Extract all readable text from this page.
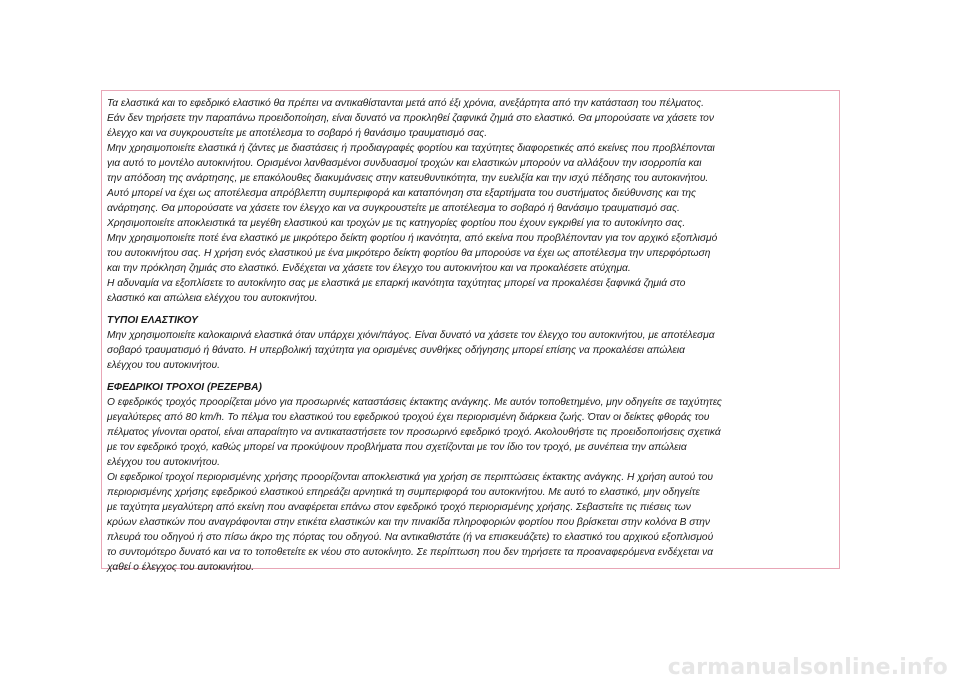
Τα ελαστικά και το εφεδρικό ελαστικό θα πρέπει να αντικαθίστανται μετά από έξι χρόνια, ανεξάρτητα από την κατάσταση του πέλματος.
Εάν δεν τηρήσετε την παραπάνω προειδοποίηση, είναι δυνατό να προκληθεί ζαφνικά ζημιά στο ελαστικό. Θα μπορούσατε να χάσετε τον
έλεγχο και να συγκρουστείτε με αποτέλεσμα το σοβαρό ή θανάσιμο τραυματισμό σας.
Μην χρησιμοποιείτε ελαστικά ή ζάντες με διαστάσεις ή προδιαγραφές φορτίου και ταχύτητες διαφορετικές από εκείνες που προβλέπονται
για αυτό το μοντέλο αυτοκινήτου. Ορισμένοι λανθασμένοι συνδυασμοί τροχών και ελαστικών μπορούν να αλλάξουν την ισορροπία και
την απόδοση της ανάρτησης, με επακόλουθες διακυμάνσεις στην κατευθυντικότητα, την ευελιξία και την ισχύ πέδησης του αυτοκινήτου.
Αυτό μπορεί να έχει ως αποτέλεσμα απρόβλεπτη συμπεριφορά και καταπόνηση στα εξαρτήματα του συστήματος διεύθυνσης και της
ανάρτησης. Θα μπορούσατε να χάσετε τον έλεγχο και να συγκρουστείτε με αποτέλεσμα το σοβαρό ή θανάσιμο τραυματισμό σας.
Χρησιμοποιείτε αποκλειστικά τα μεγέθη ελαστικού και τροχών με τις κατηγορίες φορτίου που έχουν εγκριθεί για το αυτοκίνητο σας.
Μην χρησιμοποιείτε ποτέ ένα ελαστικό με μικρότερο δείκτη φορτίου ή ικανότητα, από εκείνα που προβλέπονταν για τον αρχικό εξοπλισμό
του αυτοκινήτου σας. Η χρήση ενός ελαστικού με ένα μικρότερο δείκτη φορτίου θα μπορούσε να έχει ως αποτέλεσμα την υπερφόρτωση
και την πρόκληση ζημιάς στο ελαστικό. Ενδέχεται να χάσετε τον έλεγχο του αυτοκινήτου και να προκαλέσετε ατύχημα.
Η αδυναμία να εξοπλίσετε το αυτοκίνητο σας με ελαστικά με επαρκή ικανότητα ταχύτητας μπορεί να προκαλέσει ξαφνικά ζημιά στο
ελαστικό και απώλεια ελέγχου του αυτοκινήτου.
ΤΥΠΟΙ ΕΛΑΣΤΙΚΟΥ
Μην χρησιμοποιείτε καλοκαιρινά ελαστικά όταν υπάρχει χιόνι/πάγος. Είναι δυνατό να χάσετε τον έλεγχο του αυτοκινήτου, με αποτέλεσμα
σοβαρό τραυματισμό ή θάνατο. Η υπερβολική ταχύτητα για ορισμένες συνθήκες οδήγησης μπορεί επίσης να προκαλέσει απώλεια
ελέγχου του αυτοκινήτου.
ΕΦΕΔΡΙΚΟΙ ΤΡΟΧΟΙ (ΡΕΖΕΡΒΑ)
Ο εφεδρικός τροχός προορίζεται μόνο για προσωρινές καταστάσεις έκτακτης ανάγκης. Με αυτόν τοποθετημένο, μην οδηγείτε σε ταχύτητες
μεγαλύτερες από 80 km/h. Το πέλμα του ελαστικού του εφεδρικού τροχού έχει περιορισμένη διάρκεια ζωής. Όταν οι δείκτες φθοράς του
πέλματος γίνονται ορατοί, είναι απαραίτητο να αντικαταστήσετε τον προσωρινό εφεδρικό τροχό. Ακολουθήστε τις προειδοποιήσεις σχετικά
με τον εφεδρικό τροχό, καθώς μπορεί να προκύψουν προβλήματα που σχετίζονται με τον ίδιο τον τροχό, με συνέπεια την απώλεια
ελέγχου του αυτοκινήτου.
Οι εφεδρικοί τροχοί περιορισμένης χρήσης προορίζονται αποκλειστικά για χρήση σε περιπτώσεις έκτακτης ανάγκης. Η χρήση αυτού του
περιορισμένης χρήσης εφεδρικού ελαστικού επηρεάζει αρνητικά τη συμπεριφορά του αυτοκινήτου. Με αυτό το ελαστικό, μην οδηγείτε
με ταχύτητα μεγαλύτερη από εκείνη που αναφέρεται επάνω στον εφεδρικό τροχό περιορισμένης χρήσης. Σεβαστείτε τις πιέσεις των
κρύων ελαστικών που αναγράφονται στην ετικέτα ελαστικών και την πινακίδα πληροφοριών φορτίου που βρίσκεται στην κολόνα Β στην
πλευρά του οδηγού ή στο πίσω άκρο της πόρτας του οδηγού. Να αντικαθιστάτε (ή να επισκευάζετε) το ελαστικό του αρχικού εξοπλισμού
το συντομότερο δυνατό και να το τοποθετείτε εκ νέου στο αυτοκίνητο. Σε περίπτωση που δεν τηρήσετε τα προαναφερόμενα ενδέχεται να
χαθεί ο έλεγχος του αυτοκινήτου.
carmanualsonline.info
